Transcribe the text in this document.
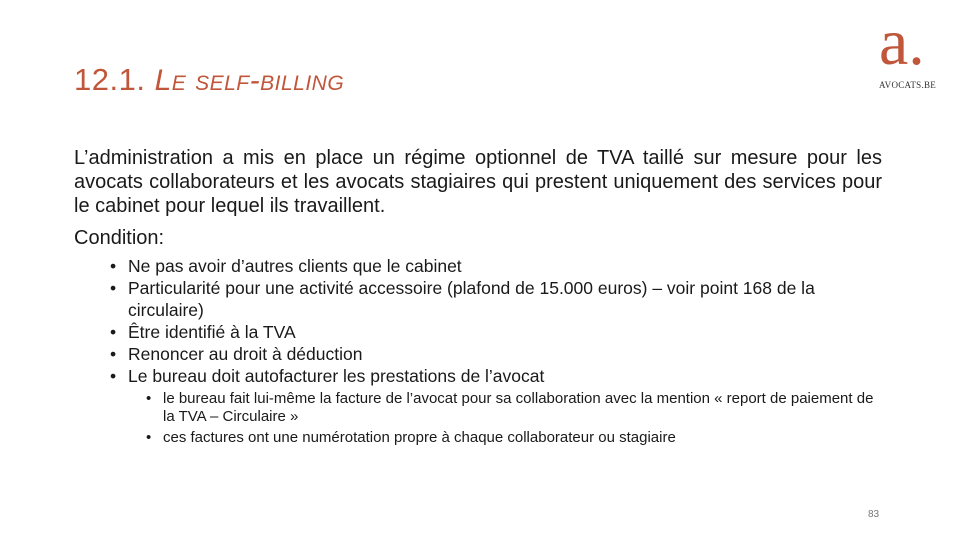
12.1. Le self-billing
a.
AVOCATS.BE

L’administration a mis en place un régime optionnel de TVA taillé sur mesure pour les avocats collaborateurs et les avocats stagiaires qui prestent uniquement des services pour le cabinet pour lequel ils travaillent.

Condition:

• Ne pas avoir d’autres clients que le cabinet
• Particularité pour une activité accessoire (plafond de 15.000 euros) – voir point 168 de la circulaire)
• Être identifié à la TVA
• Renoncer au droit à déduction
• Le bureau doit autofacturer les prestations de l’avocat
• le bureau fait lui-même la facture de l’avocat pour sa collaboration avec la mention « report de paiement de la TVA – Circulaire »
• ces factures ont une numérotation propre à chaque collaborateur ou stagiaire
83
